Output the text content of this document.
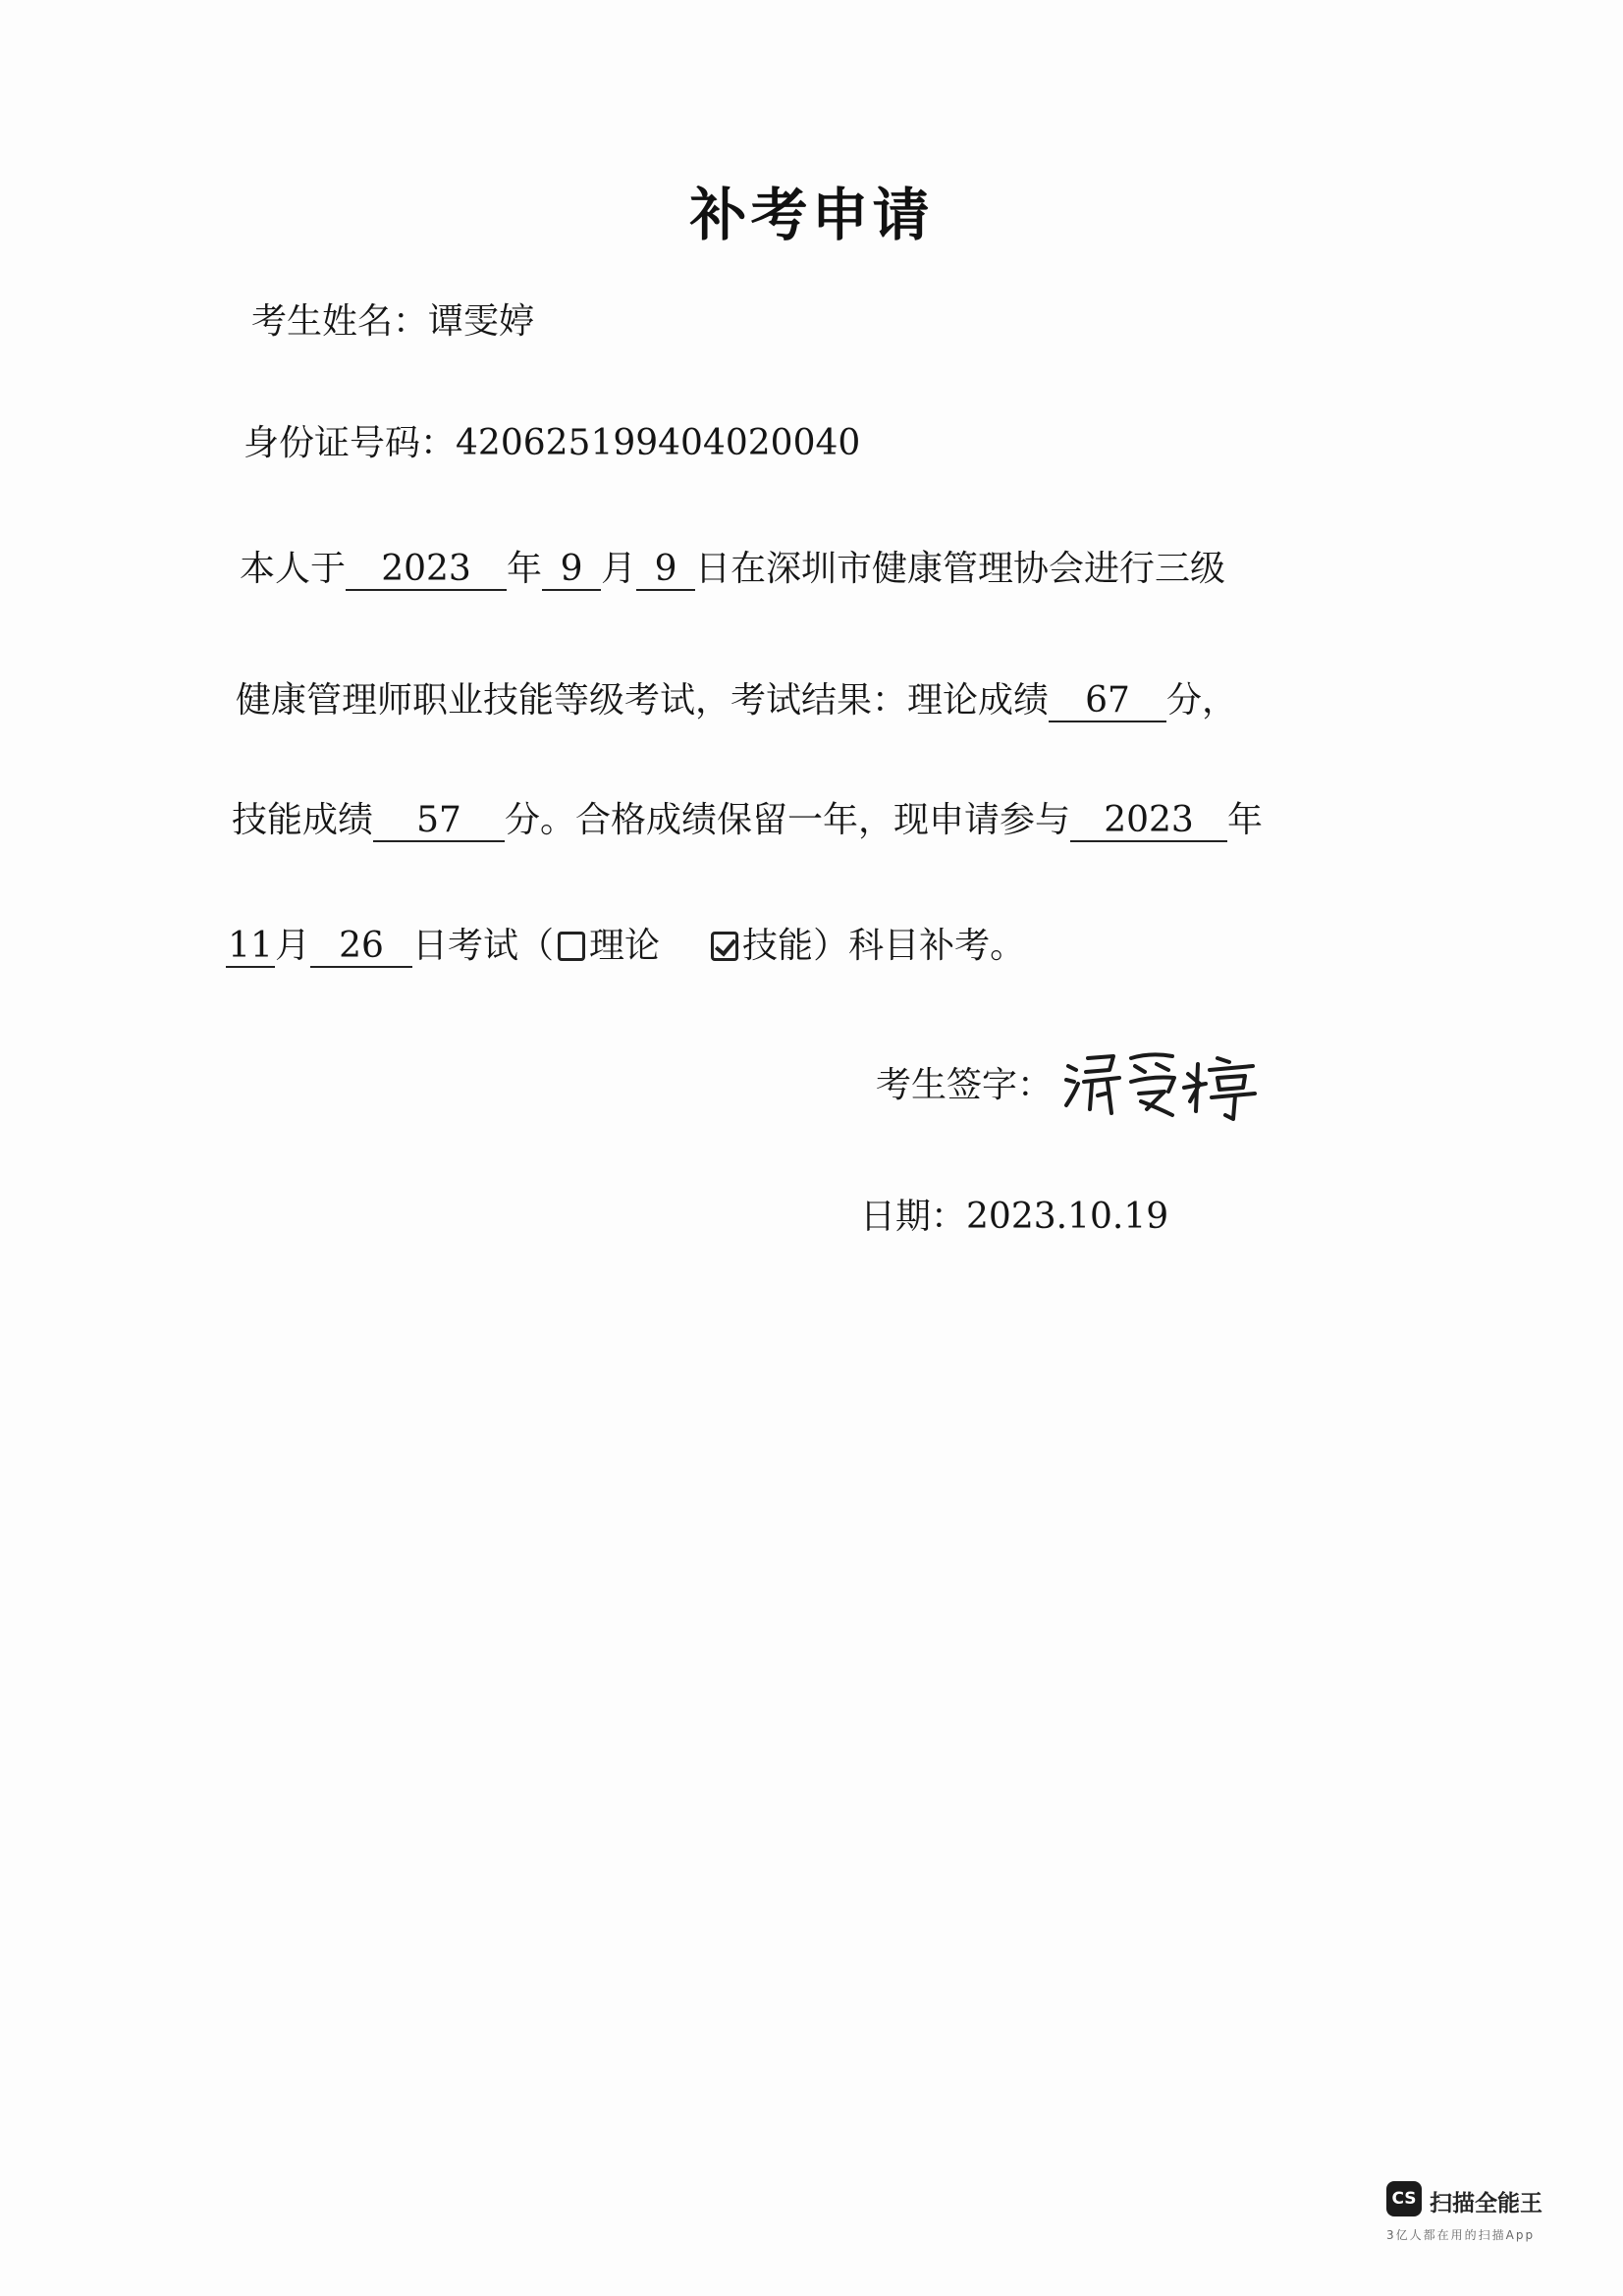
补考申请
考生姓名：谭雯婷
身份证号码：420625199404020040
本人于 2023 年 9 月 9 日在深圳市健康管理协会进行三级
健康管理师职业技能等级考试，考试结果：理论成绩 67 分，
技能成绩 57 分。合格成绩保留一年，现申请参与 2023 年
11月 26 日考试（ 理论 技能）科目补考。
考生签字：
日期：2023.10.19
CS 扫描全能王
3亿人都在用的扫描App
